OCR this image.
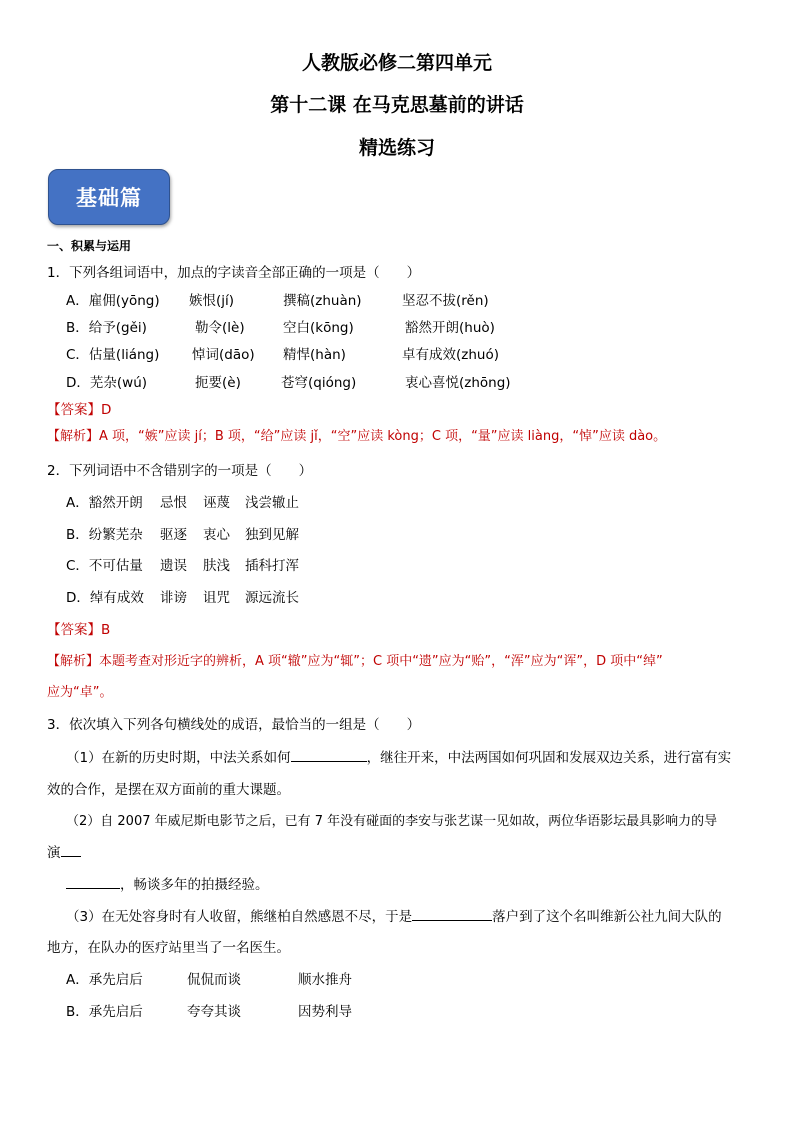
人教版必修二第四单元
第十二课 在马克思墓前的讲话
精选练习
基础篇
一、积累与运用
1．下列各组词语中，加点的字读音全部正确的一项是（　　）
A．雇佣(yōng) 嫉恨(jí)	撰稿(zhuàn)	坚忍不拔(rěn)
B．给予(gěi)	勒令(lè)	空白(kōng)	豁然开朗(huò)
C．估量(liáng) 悼词(dāo) 精悍(hàn)	卓有成效(zhuó)
D．芜杂(wú)	扼要(è)	苍穹(qióng)	衷心喜悦(zhōng)
【答案】D
【解析】A 项，“嫉”应读 jí；B 项，“给”应读 jǐ，“空”应读 kòng；C 项，“量”应读 liàng，“悼”应读 dào。
2．下列词语中不含错别字的一项是（　　）
A．豁然开朗 忌恨 诬蔑 浅尝辙止
B．纷繁芜杂 驱逐 衷心 独到见解
C．不可估量 遗误 肤浅 插科打浑
D．绰有成效 诽谤 诅咒 源远流长
【答案】B
【解析】本题考查对形近字的辨析，A 项“辙”应为“辄”；C 项中“遗”应为“贻”，“浑”应为“诨”，D 项中“绰”
应为“卓”。
3．依次填入下列各句横线处的成语，最恰当的一组是（　　）
（1）在新的历史时期，中法关系如何	，继往开来，中法两国如何巩固和发展双边关系，进行富有实
效的合作，是摆在双方面前的重大课题。
（2）自 2007 年威尼斯电影节之后，已有 7 年没有碰面的李安与张艺谋一见如故，两位华语影坛最具影响力的导
演
，畅谈多年的拍摄经验。
（3）在无处容身时有人收留，熊继柏自然感恩不尽，于是	落户到了这个名叫维新公社九间大队的
地方，在队办的医疗站里当了一名医生。
A．承先启后	侃侃而谈	顺水推舟
B．承先启后	夸夸其谈	因势利导
